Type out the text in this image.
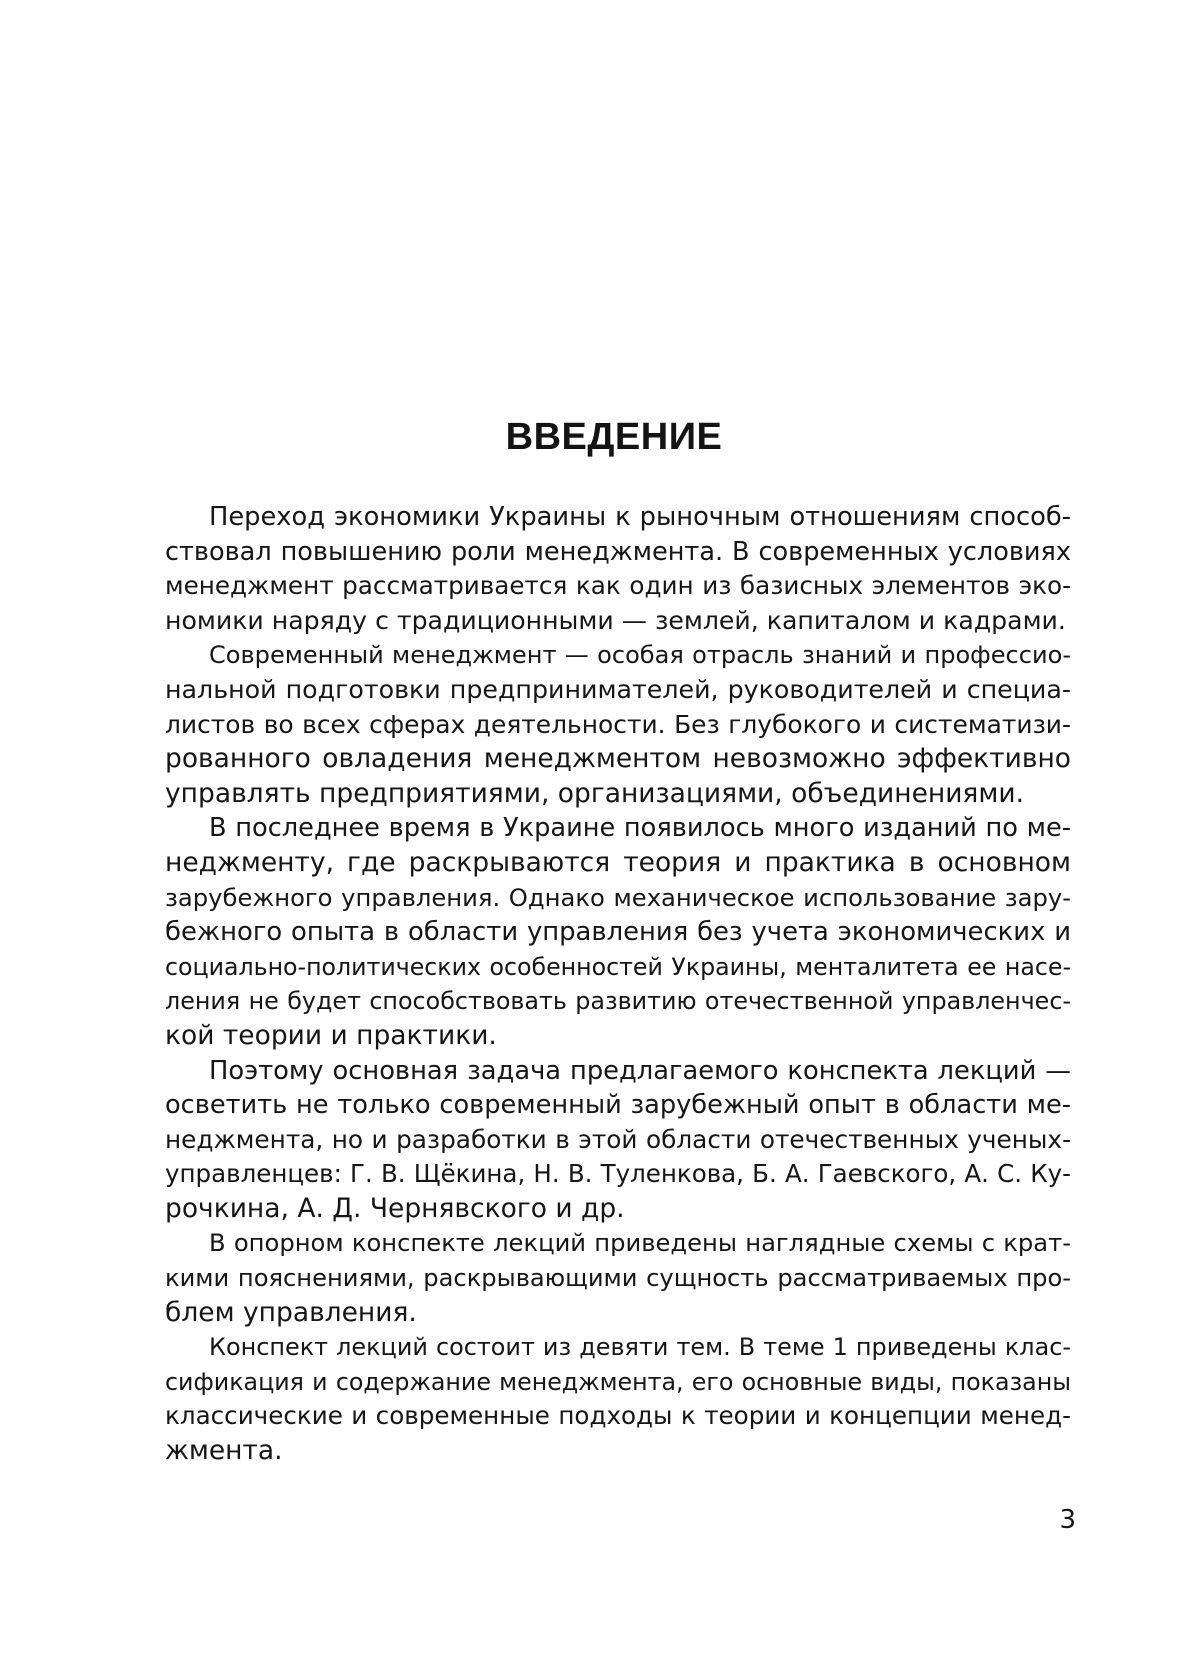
ВВЕДЕНИЕ
Переход экономики Украины к рыночным отношениям способ-
ствовал повышению роли менеджмента. В современных условиях
менеджмент рассматривается как один из базисных элементов эко-
номики наряду с традиционными — землей, капиталом и кадрами.
Современный менеджмент — особая отрасль знаний и профессио-
нальной подготовки предпринимателей, руководителей и специа-
листов во всех сферах деятельности. Без глубокого и систематизи-
рованного овладения менеджментом невозможно эффективно
управлять предприятиями, организациями, объединениями.
В последнее время в Украине появилось много изданий по ме-
неджменту, где раскрываются теория и практика в основном
зарубежного управления. Однако механическое использование зару-
бежного опыта в области управления без учета экономических и
социально-политических особенностей Украины, менталитета ее насе-
ления не будет способствовать развитию отечественной управленчес-
кой теории и практики.
Поэтому основная задача предлагаемого конспекта лекций —
осветить не только современный зарубежный опыт в области ме-
неджмента, но и разработки в этой области отечественных ученых-
управленцев: Г. В. Щёкина, Н. В. Туленкова, Б. А. Гаевского, А. С. Ку-
рочкина, А. Д. Чернявского и др.
В опорном конспекте лекций приведены наглядные схемы с крат-
кими пояснениями, раскрывающими сущность рассматриваемых про-
блем управления.
Конспект лекций состоит из девяти тем. В теме 1 приведены клас-
сификация и содержание менеджмента, его основные виды, показаны
классические и современные подходы к теории и концепции менед-
жмента.
3
